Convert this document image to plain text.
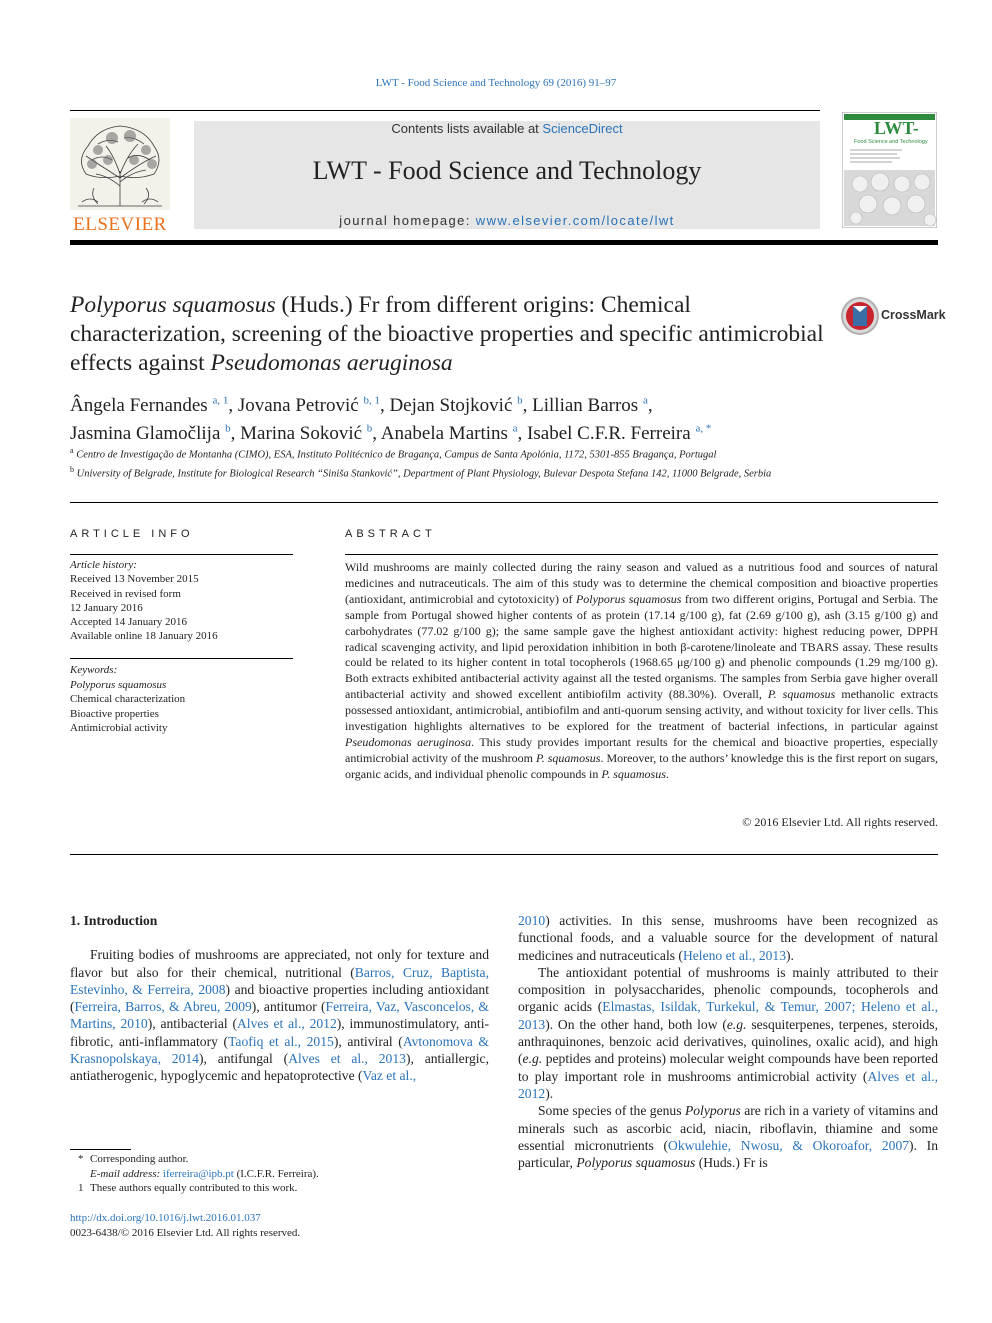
LWT - Food Science and Technology 69 (2016) 91–97
ELSEVIER
Contents lists available at ScienceDirect
LWT - Food Science and Technology
journal homepage: www.elsevier.com/locate/lwt
LWT-
Food Science and Technology
Polyporus squamosus (Huds.) Fr from different origins: Chemical characterization, screening of the bioactive properties and specific antimicrobial effects against Pseudomonas aeruginosa
CrossMark
Ângela Fernandes $^{a, 1}$, Jovana Petrović $^{b, 1}$, Dejan Stojković $^b$, Lillian Barros $^a$,
Jasmina Glamočlija $^b$, Marina Soković $^b$, Anabela Martins $^a$, Isabel C.F.R. Ferreira $^{a, *}$
$^a$ Centro de Investigação de Montanha (CIMO), ESA, Instituto Politécnico de Bragança, Campus de Santa Apolónia, 1172, 5301-855 Bragança, Portugal
$^b$ University of Belgrade, Institute for Biological Research “Siniša Stanković”, Department of Plant Physiology, Bulevar Despota Stefana 142, 11000 Belgrade, Serbia
ARTICLE INFO
Article history:
Received 13 November 2015
Received in revised form
12 January 2016
Accepted 14 January 2016
Available online 18 January 2016
Keywords:
Polyporus squamosus
Chemical characterization
Bioactive properties
Antimicrobial activity
ABSTRACT
Wild mushrooms are mainly collected during the rainy season and valued as a nutritious food and sources of natural medicines and nutraceuticals. The aim of this study was to determine the chemical composition and bioactive properties (antioxidant, antimicrobial and cytotoxicity) of Polyporus squamosus from two different origins, Portugal and Serbia. The sample from Portugal showed higher contents of as protein (17.14 g/100 g), fat (2.69 g/100 g), ash (3.15 g/100 g) and carbohydrates (77.02 g/100 g); the same sample gave the highest antioxidant activity: highest reducing power, DPPH radical scavenging activity, and lipid peroxidation inhibition in both β-carotene/linoleate and TBARS assay. These results could be related to its higher content in total tocopherols (1968.65 μg/100 g) and phenolic compounds (1.29 mg/100 g). Both extracts exhibited antibacterial activity against all the tested organisms. The samples from Serbia gave higher overall antibacterial activity and showed excellent antibiofilm activity (88.30%). Overall, P. squamosus methanolic extracts possessed antioxidant, antimicrobial, antibiofilm and anti-quorum sensing activity, and without toxicity for liver cells. This investigation highlights alternatives to be explored for the treatment of bacterial infections, in particular against Pseudomonas aeruginosa. This study provides important results for the chemical and bioactive properties, especially antimicrobial activity of the mushroom P. squamosus. Moreover, to the authors’ knowledge this is the first report on sugars, organic acids, and individual phenolic compounds in P. squamosus.
© 2016 Elsevier Ltd. All rights reserved.
1. Introduction

Fruiting bodies of mushrooms are appreciated, not only for texture and flavor but also for their chemical, nutritional (Barros, Cruz, Baptista, Estevinho, & Ferreira, 2008) and bioactive properties including antioxidant (Ferreira, Barros, & Abreu, 2009), antitumor (Ferreira, Vaz, Vasconcelos, & Martins, 2010), antibacterial (Alves et al., 2012), immunostimulatory, anti-fibrotic, anti-inflammatory (Taofiq et al., 2015), antiviral (Avtonomova & Krasnopolskaya, 2014), antifungal (Alves et al., 2013), antiallergic, antiatherogenic, hypoglycemic and hepatoprotective (Vaz et al.,

2010) activities. In this sense, mushrooms have been recognized as functional foods, and a valuable source for the development of natural medicines and nutraceuticals (Heleno et al., 2013).

The antioxidant potential of mushrooms is mainly attributed to their composition in polysaccharides, phenolic compounds, tocopherols and organic acids (Elmastas, Isildak, Turkekul, & Temur, 2007; Heleno et al., 2013). On the other hand, both low (e.g. sesquiterpenes, terpenes, steroids, anthraquinones, benzoic acid derivatives, quinolines, oxalic acid), and high (e.g. peptides and proteins) molecular weight compounds have been reported to play important role in mushrooms antimicrobial activity (Alves et al., 2012).

Some species of the genus Polyporus are rich in a variety of vitamins and minerals such as ascorbic acid, niacin, riboflavin, thiamine and some essential micronutrients (Okwulehie, Nwosu, & Okoroafor, 2007). In particular, Polyporus squamosus (Huds.) Fr is

* Corresponding author.
E-mail address: iferreira@ipb.pt (I.C.F.R. Ferreira).
1 These authors equally contributed to this work.
http://dx.doi.org/10.1016/j.lwt.2016.01.037
0023-6438/© 2016 Elsevier Ltd. All rights reserved.
